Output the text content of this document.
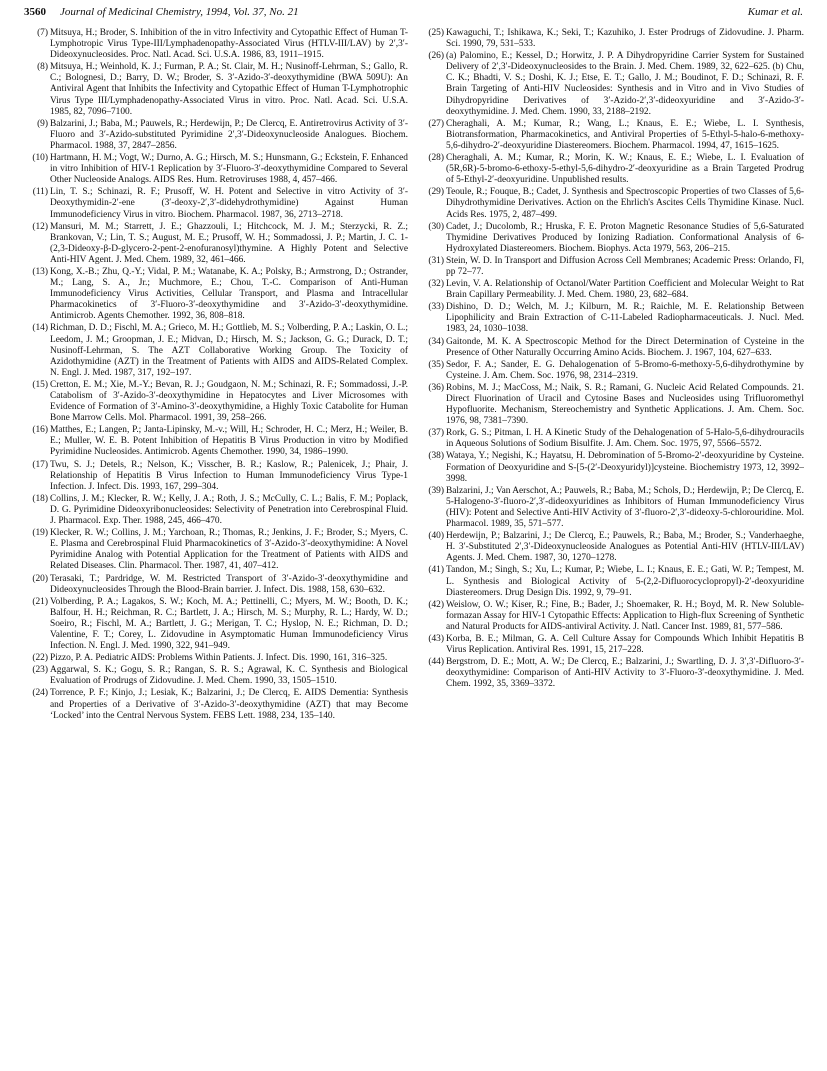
3560 Journal of Medicinal Chemistry, 1994, Vol. 37, No. 21	Kumar et al.
(7) Mitsuya, H.; Broder, S. Inhibition of the in vitro Infectivity and Cytopathic Effect of Human T-Lymphotropic Virus Type-III/Lymphadenopathy-Associated Virus (HTLV-III/LAV) by 2′,3′-Dideoxynucleosides. Proc. Natl. Acad. Sci. U.S.A. 1986, 83, 1911–1915.
(8) Mitsuya, H.; Weinhold, K. J.; Furman, P. A.; St. Clair, M. H.; Nusinoff-Lehrman, S.; Gallo, R. C.; Bolognesi, D.; Barry, D. W.; Broder, S. 3′-Azido-3′-deoxythymidine (BWA 509U): An Antiviral Agent that Inhibits the Infectivity and Cytopathic Effect of Human T-Lymphotrophic Virus Type III/Lymphadenopathy-Associated Virus in vitro. Proc. Natl. Acad. Sci. U.S.A. 1985, 82, 7096–7100.
(9) Balzarini, J.; Baba, M.; Pauwels, R.; Herdewijn, P.; De Clercq, E. Antiretrovirus Activity of 3′-Fluoro and 3′-Azido-substituted Pyrimidine 2′,3′-Dideoxynucleoside Analogues. Biochem. Pharmacol. 1988, 37, 2847–2856.
(10) Hartmann, H. M.; Vogt, W.; Durno, A. G.; Hirsch, M. S.; Hunsmann, G.; Eckstein, F. Enhanced in vitro Inhibition of HIV-1 Replication by 3′-Fluoro-3′-deoxythymidine Compared to Several Other Nucleoside Analogs. AIDS Res. Hum. Retroviruses 1988, 4, 457–466.
(11) Lin, T. S.; Schinazi, R. F.; Prusoff, W. H. Potent and Selective in vitro Activity of 3′-Deoxythymidin-2′-ene (3′-deoxy-2′,3′-didehydrothymidine) Against Human Immunodeficiency Virus in vitro. Biochem. Pharmacol. 1987, 36, 2713–2718.
(12) Mansuri, M. M.; Starrett, J. E.; Ghazzouli, I.; Hitchcock, M. J. M.; Sterzycki, R. Z.; Brankovan, V.; Lin, T. S.; August, M. E.; Prusoff, W. H.; Sommadossi, J. P.; Martin, J. C. 1-(2,3-Dideoxy-β-D-glycero-2-pent-2-enofuranosyl)thymine. A Highly Potent and Selective Anti-HIV Agent. J. Med. Chem. 1989, 32, 461–466.
(13) Kong, X.-B.; Zhu, Q.-Y.; Vidal, P. M.; Watanabe, K. A.; Polsky, B.; Armstrong, D.; Ostrander, M.; Lang, S. A., Jr.; Muchmore, E.; Chou, T.-C. Comparison of Anti-Human Immunodeficiency Virus Activities, Cellular Transport, and Plasma and Intracellular Pharmacokinetics of 3′-Fluoro-3′-deoxythymidine and 3′-Azido-3′-deoxythymidine. Antimicrob. Agents Chemother. 1992, 36, 808–818.
(14) Richman, D. D.; Fischl, M. A.; Grieco, M. H.; Gottlieb, M. S.; Volberding, P. A.; Laskin, O. L.; Leedom, J. M.; Groopman, J. E.; Midvan, D.; Hirsch, M. S.; Jackson, G. G.; Durack, D. T.; Nusinoff-Lehrman, S. The AZT Collaborative Working Group. The Toxicity of Azidothymidine (AZT) in the Treatment of Patients with AIDS and AIDS-Related Complex. N. Engl. J. Med. 1987, 317, 192–197.
(15) Cretton, E. M.; Xie, M.-Y.; Bevan, R. J.; Goudgaon, N. M.; Schinazi, R. F.; Sommadossi, J.-P. Catabolism of 3′-Azido-3′-deoxythymidine in Hepatocytes and Liver Microsomes with Evidence of Formation of 3′-Amino-3′-deoxythymidine, a Highly Toxic Catabolite for Human Bone Marrow Cells. Mol. Pharmacol. 1991, 39, 258–266.
(16) Matthes, E.; Langen, P.; Janta-Lipinsky, M.-v.; Will, H.; Schroder, H. C.; Merz, H.; Weiler, B. E.; Muller, W. E. B. Potent Inhibition of Hepatitis B Virus Production in vitro by Modified Pyrimidine Nucleosides. Antimicrob. Agents Chemother. 1990, 34, 1986–1990.
(17) Twu, S. J.; Detels, R.; Nelson, K.; Visscher, B. R.; Kaslow, R.; Palenicek, J.; Phair, J. Relationship of Hepatitis B Virus Infection to Human Immunodeficiency Virus Type-1 Infection. J. Infect. Dis. 1993, 167, 299–304.
(18) Collins, J. M.; Klecker, R. W.; Kelly, J. A.; Roth, J. S.; McCully, C. L.; Balis, F. M.; Poplack, D. G. Pyrimidine Dideoxyribonucleosides: Selectivity of Penetration into Cerebrospinal Fluid. J. Pharmacol. Exp. Ther. 1988, 245, 466–470.
(19) Klecker, R. W.; Collins, J. M.; Yarchoan, R.; Thomas, R.; Jenkins, J. F.; Broder, S.; Myers, C. E. Plasma and Cerebrospinal Fluid Pharmacokinetics of 3′-Azido-3′-deoxythymidine: A Novel Pyrimidine Analog with Potential Application for the Treatment of Patients with AIDS and Related Diseases. Clin. Pharmacol. Ther. 1987, 41, 407–412.
(20) Terasaki, T.; Pardridge, W. M. Restricted Transport of 3′-Azido-3′-deoxythymidine and Dideoxynucleosides Through the Blood-Brain barrier. J. Infect. Dis. 1988, 158, 630–632.
(21) Volberding, P. A.; Lagakos, S. W.; Koch, M. A.; Pettinelli, C.; Myers, M. W.; Booth, D. K.; Balfour, H. H.; Reichman, R. C.; Bartlett, J. A.; Hirsch, M. S.; Murphy, R. L.; Hardy, W. D.; Soeiro, R.; Fischl, M. A.; Bartlett, J. G.; Merigan, T. C.; Hyslop, N. E.; Richman, D. D.; Valentine, F. T.; Corey, L. Zidovudine in Asymptomatic Human Immunodeficiency Virus Infection. N. Engl. J. Med. 1990, 322, 941–949.
(22) Pizzo, P. A. Pediatric AIDS: Problems Within Patients. J. Infect. Dis. 1990, 161, 316–325.
(23) Aggarwal, S. K.; Gogu, S. R.; Rangan, S. R. S.; Agrawal, K. C. Synthesis and Biological Evaluation of Prodrugs of Zidovudine. J. Med. Chem. 1990, 33, 1505–1510.
(24) Torrence, P. F.; Kinjo, J.; Lesiak, K.; Balzarini, J.; De Clercq, E. AIDS Dementia: Synthesis and Properties of a Derivative of 3′-Azido-3′-deoxythymidine (AZT) that may Become ‘Locked’ into the Central Nervous System. FEBS Lett. 1988, 234, 135–140.
(25) Kawaguchi, T.; Ishikawa, K.; Seki, T.; Kazuhiko, J. Ester Prodrugs of Zidovudine. J. Pharm. Sci. 1990, 79, 531–533.
(26) (a) Palomino, E.; Kessel, D.; Horwitz, J. P. A Dihydropyridine Carrier System for Sustained Delivery of 2′,3′-Dideoxynucleosides to the Brain. J. Med. Chem. 1989, 32, 622–625. (b) Chu, C. K.; Bhadti, V. S.; Doshi, K. J.; Etse, E. T.; Gallo, J. M.; Boudinot, F. D.; Schinazi, R. F. Brain Targeting of Anti-HIV Nucleosides: Synthesis and in Vitro and in Vivo Studies of Dihydropyridine Derivatives of 3′-Azido-2′,3′-dideoxyuridine and 3′-Azido-3′-deoxythymidine. J. Med. Chem. 1990, 33, 2188–2192.
(27) Cheraghali, A. M.; Kumar, R.; Wang, L.; Knaus, E. E.; Wiebe, L. I. Synthesis, Biotransformation, Pharmacokinetics, and Antiviral Properties of 5-Ethyl-5-halo-6-methoxy-5,6-dihydro-2′-deoxyuridine Diastereomers. Biochem. Pharmacol. 1994, 47, 1615–1625.
(28) Cheraghali, A. M.; Kumar, R.; Morin, K. W.; Knaus, E. E.; Wiebe, L. I. Evaluation of (5R,6R)-5-bromo-6-ethoxy-5-ethyl-5,6-dihydro-2′-deoxyuridine as a Brain Targeted Prodrug of 5-Ethyl-2′-deoxyuridine. Unpublished results.
(29) Teoule, R.; Fouque, B.; Cadet, J. Synthesis and Spectroscopic Properties of two Classes of 5,6-Dihydrothymidine Derivatives. Action on the Ehrlich's Ascites Cells Thymidine Kinase. Nucl. Acids Res. 1975, 2, 487–499.
(30) Cadet, J.; Ducolomb, R.; Hruska, F. E. Proton Magnetic Resonance Studies of 5,6-Saturated Thymidine Derivatives Produced by Ionizing Radiation. Conformational Analysis of 6-Hydroxylated Diastereomers. Biochem. Biophys. Acta 1979, 563, 206–215.
(31) Stein, W. D. In Transport and Diffusion Across Cell Membranes; Academic Press: Orlando, Fl, pp 72–77.
(32) Levin, V. A. Relationship of Octanol/Water Partition Coefficient and Molecular Weight to Rat Brain Capillary Permeability. J. Med. Chem. 1980, 23, 682–684.
(33) Dishino, D. D.; Welch, M. J.; Kilburn, M. R.; Raichle, M. E. Relationship Between Lipophilicity and Brain Extraction of C-11-Labeled Radiopharmaceuticals. J. Nucl. Med. 1983, 24, 1030–1038.
(34) Gaitonde, M. K. A Spectroscopic Method for the Direct Determination of Cysteine in the Presence of Other Naturally Occurring Amino Acids. Biochem. J. 1967, 104, 627–633.
(35) Sedor, F. A.; Sander, E. G. Dehalogenation of 5-Bromo-6-methoxy-5,6-dihydrothymine by Cysteine. J. Am. Chem. Soc. 1976, 98, 2314–2319.
(36) Robins, M. J.; MacCoss, M.; Naik, S. R.; Ramani, G. Nucleic Acid Related Compounds. 21. Direct Fluorination of Uracil and Cytosine Bases and Nucleosides using Trifluoromethyl Hypofluorite. Mechanism, Stereochemistry and Synthetic Applications. J. Am. Chem. Soc. 1976, 98, 7381–7390.
(37) Rork, G. S.; Pitman, I. H. A Kinetic Study of the Dehalogenation of 5-Halo-5,6-dihydrouracils in Aqueous Solutions of Sodium Bisulfite. J. Am. Chem. Soc. 1975, 97, 5566–5572.
(38) Wataya, Y.; Negishi, K.; Hayatsu, H. Debromination of 5-Bromo-2′-deoxyuridine by Cysteine. Formation of Deoxyuridine and S-[5-(2′-Deoxyuridyl)]cysteine. Biochemistry 1973, 12, 3992–3998.
(39) Balzarini, J.; Van Aerschot, A.; Pauwels, R.; Baba, M.; Schols, D.; Herdewijn, P.; De Clercq, E. 5-Halogeno-3′-fluoro-2′,3′-dideoxyuridines as Inhibitors of Human Immunodeficiency Virus (HIV): Potent and Selective Anti-HIV Activity of 3′-fluoro-2′,3′-dideoxy-5-chlorouridine. Mol. Pharmacol. 1989, 35, 571–577.
(40) Herdewijn, P.; Balzarini, J.; De Clercq, E.; Pauwels, R.; Baba, M.; Broder, S.; Vanderhaeghe, H. 3′-Substituted 2′,3′-Dideoxynucleoside Analogues as Potential Anti-HIV (HTLV-III/LAV) Agents. J. Med. Chem. 1987, 30, 1270–1278.
(41) Tandon, M.; Singh, S.; Xu, L.; Kumar, P.; Wiebe, L. I.; Knaus, E. E.; Gati, W. P.; Tempest, M. L. Synthesis and Biological Activity of 5-(2,2-Difluorocyclopropyl)-2′-deoxyuridine Diastereomers. Drug Design Dis. 1992, 9, 79–91.
(42) Weislow, O. W.; Kiser, R.; Fine, B.; Bader, J.; Shoemaker, R. H.; Boyd, M. R. New Soluble-formazan Assay for HIV-1 Cytopathic Effects: Application to High-flux Screening of Synthetic and Natural Products for AIDS-antiviral Activity. J. Natl. Cancer Inst. 1989, 81, 577–586.
(43) Korba, B. E.; Milman, G. A. Cell Culture Assay for Compounds Which Inhibit Hepatitis B Virus Replication. Antiviral Res. 1991, 15, 217–228.
(44) Bergstrom, D. E.; Mott, A. W.; De Clercq, E.; Balzarini, J.; Swartling, D. J. 3′,3′-Difluoro-3′-deoxythymidine: Comparison of Anti-HIV Activity to 3′-Fluoro-3′-deoxythymidine. J. Med. Chem. 1992, 35, 3369–3372.
